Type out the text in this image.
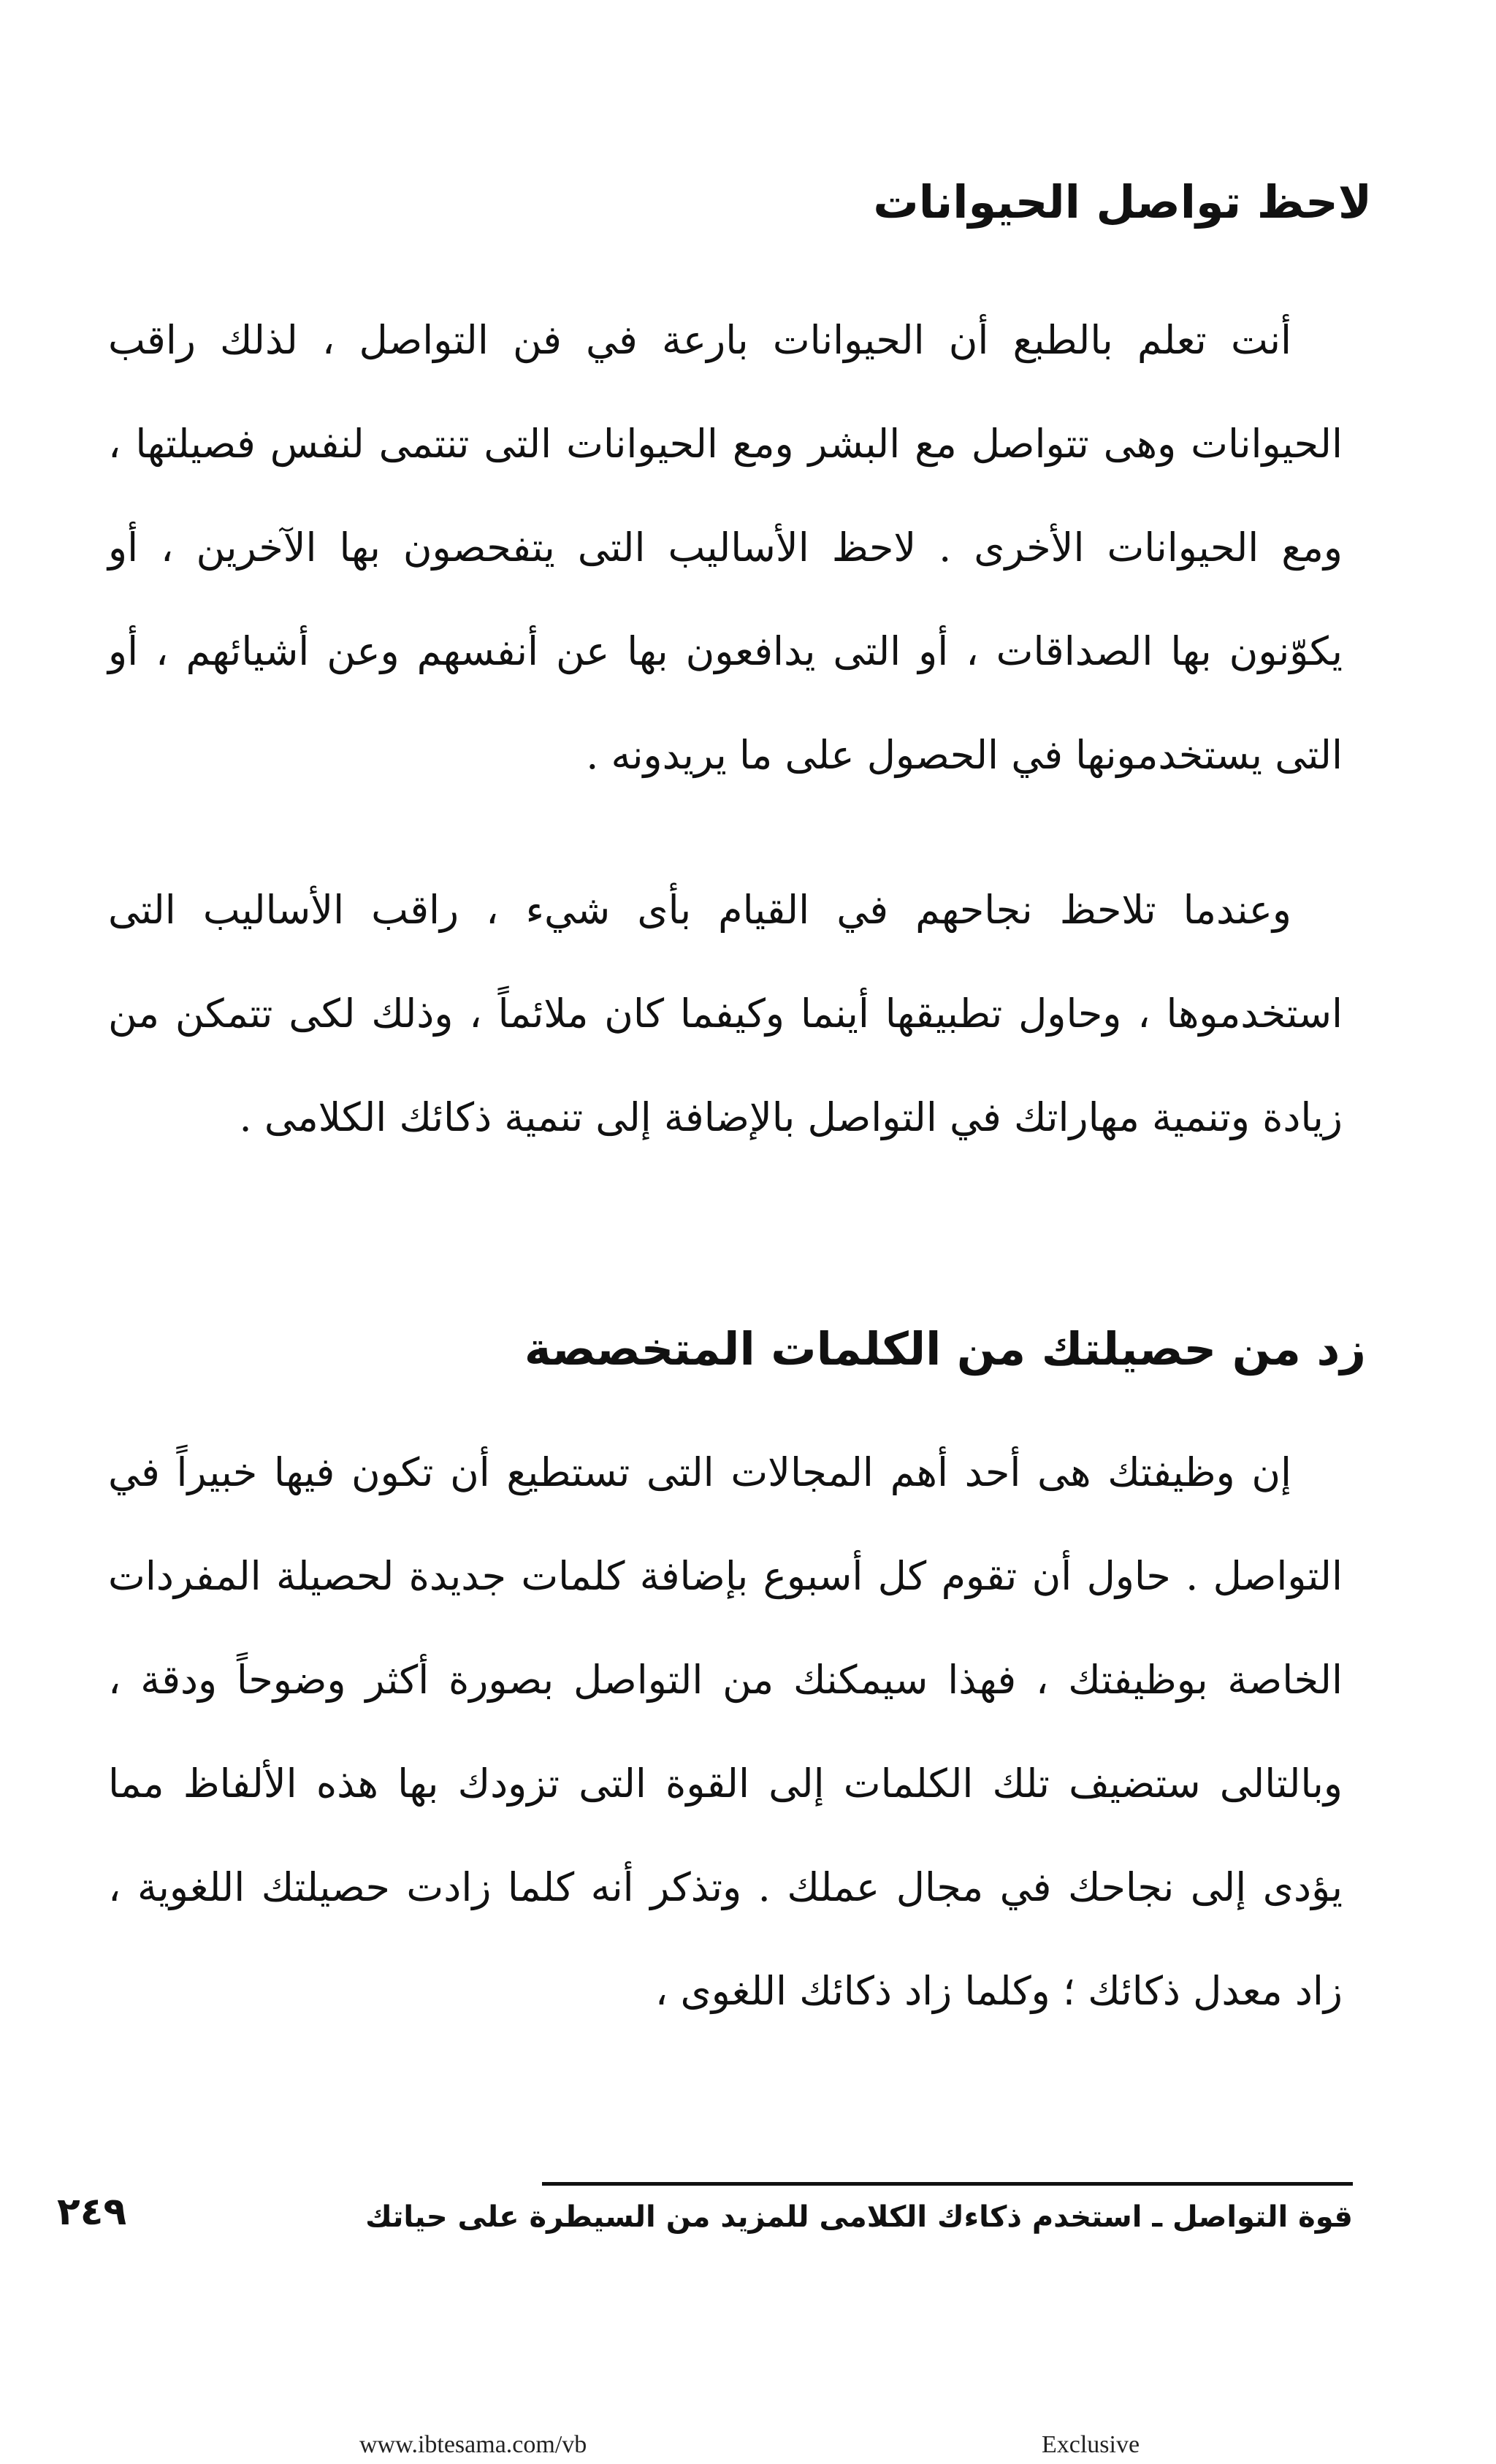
لاحظ تواصل الحيوانات

أنت تعلم بالطبع أن الحيوانات بارعة في فن التواصل ، لذلك راقب الحيوانات وهى تتواصل مع البشر ومع الحيوانات التى تنتمى لنفس فصيلتها ، ومع الحيوانات الأخرى . لاحظ الأساليب التى يتفحصون بها الآخرين ، أو يكوّنون بها الصداقات ، أو التى يدافعون بها عن أنفسهم وعن أشيائهم ، أو التى يستخدمونها في الحصول على ما يريدونه .

وعندما تلاحظ نجاحهم في القيام بأى شيء ، راقب الأساليب التى استخدموها ، وحاول تطبيقها أينما وكيفما كان ملائماً ، وذلك لكى تتمكن من زيادة وتنمية مهاراتك في التواصل بالإضافة إلى تنمية ذكائك الكلامى .

زد من حصيلتك من الكلمات المتخصصة

إن وظيفتك هى أحد أهم المجالات التى تستطيع أن تكون فيها خبيراً في التواصل . حاول أن تقوم كل أسبوع بإضافة كلمات جديدة لحصيلة المفردات الخاصة بوظيفتك ، فهذا سيمكنك من التواصل بصورة أكثر وضوحاً ودقة ، وبالتالى ستضيف تلك الكلمات إلى القوة التى تزودك بها هذه الألفاظ مما يؤدى إلى نجاحك في مجال عملك . وتذكر أنه كلما زادت حصيلتك اللغوية ، زاد معدل ذكائك ؛ وكلما زاد ذكائك اللغوى ،

قوة التواصل ـ استخدم ذكاءك الكلامى للمزيد من السيطرة على حياتك
٢٤٩
www.ibtesama.com/vb	Exclusive
